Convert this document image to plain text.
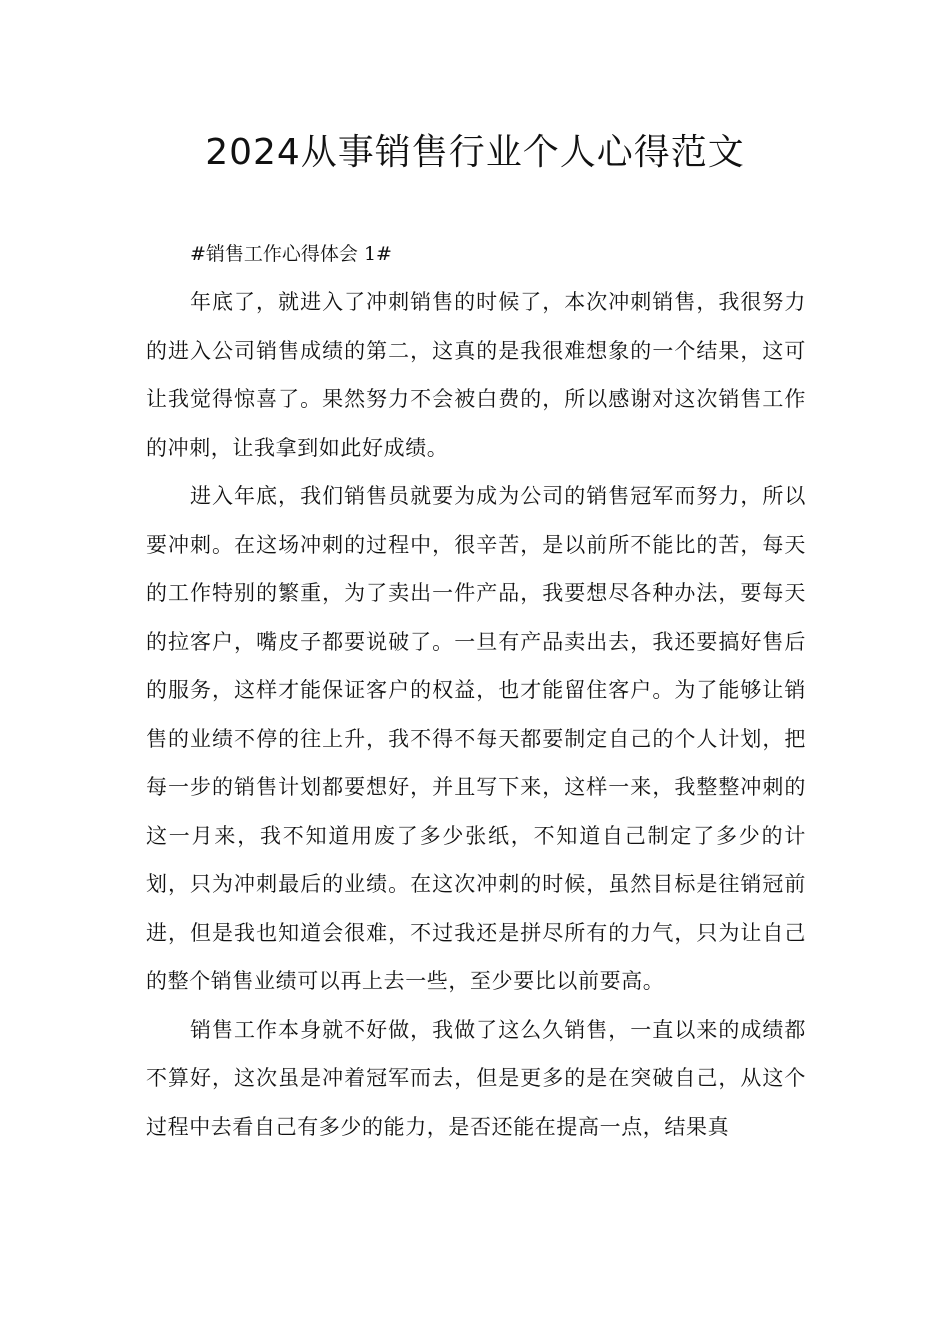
2024从事销售行业个人心得范文

#销售工作心得体会 1#

年底了，就进入了冲刺销售的时候了，本次冲刺销售，我很努力的进入公司销售成绩的第二，这真的是我很难想象的一个结果，这可让我觉得惊喜了。果然努力不会被白费的，所以感谢对这次销售工作的冲刺，让我拿到如此好成绩。

进入年底，我们销售员就要为成为公司的销售冠军而努力，所以要冲刺。在这场冲刺的过程中，很辛苦，是以前所不能比的苦，每天的工作特别的繁重，为了卖出一件产品，我要想尽各种办法，要每天的拉客户，嘴皮子都要说破了。一旦有产品卖出去，我还要搞好售后的服务，这样才能保证客户的权益，也才能留住客户。为了能够让销售的业绩不停的往上升，我不得不每天都要制定自己的个人计划，把每一步的销售计划都要想好，并且写下来，这样一来，我整整冲刺的这一月来，我不知道用废了多少张纸，不知道自己制定了多少的计划，只为冲刺最后的业绩。在这次冲刺的时候，虽然目标是往销冠前进，但是我也知道会很难，不过我还是拼尽所有的力气，只为让自己的整个销售业绩可以再上去一些，至少要比以前要高。

销售工作本身就不好做，我做了这么久销售，一直以来的成绩都不算好，这次虽是冲着冠军而去，但是更多的是在突破自己，从这个过程中去看自己有多少的能力，是否还能在提高一点，结果真
